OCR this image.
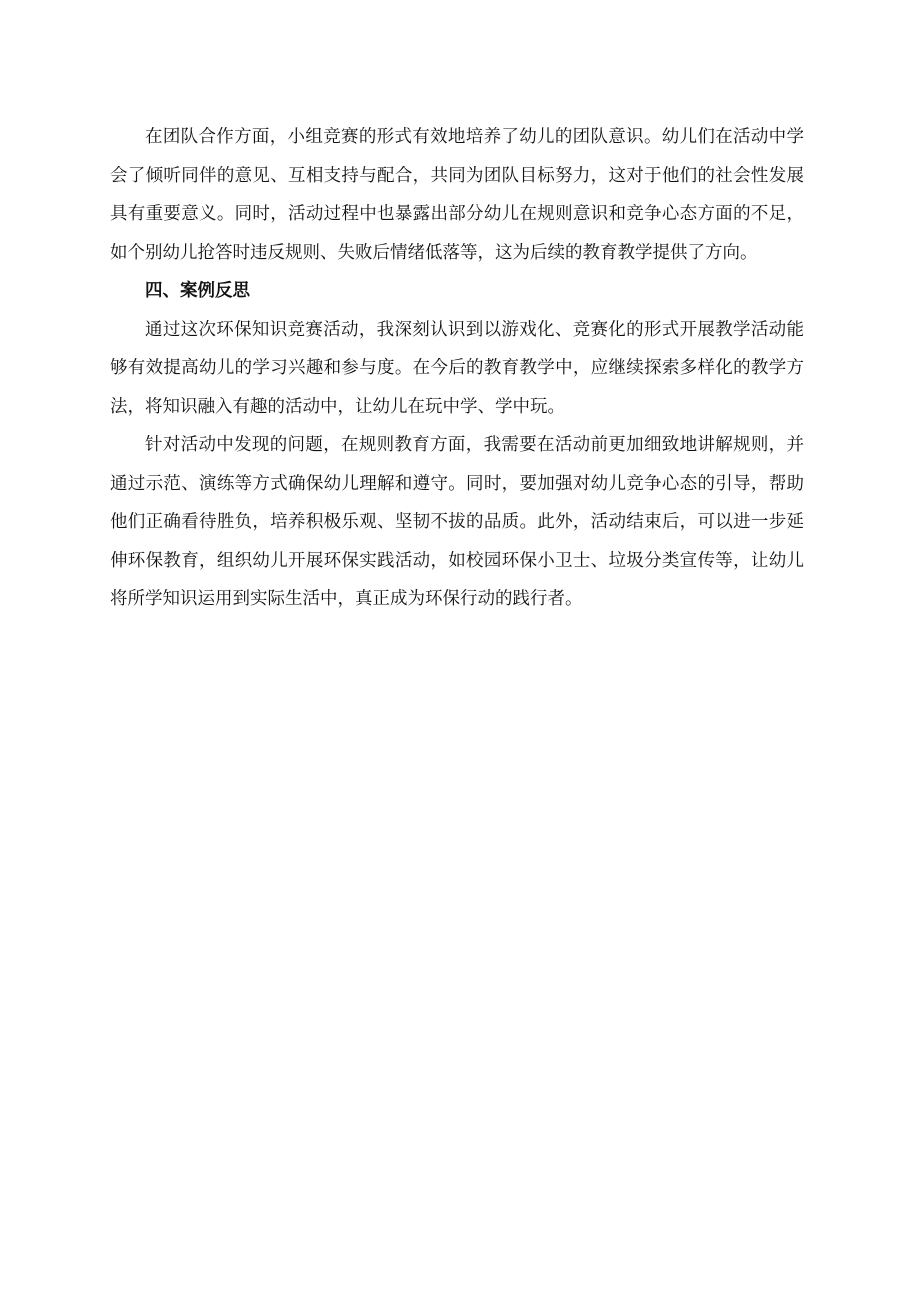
在团队合作方面，小组竞赛的形式有效地培养了幼儿的团队意识。幼儿们在活动中学会了倾听同伴的意见、互相支持与配合，共同为团队目标努力，这对于他们的社会性发展具有重要意义。同时，活动过程中也暴露出部分幼儿在规则意识和竞争心态方面的不足，如个别幼儿抢答时违反规则、失败后情绪低落等，这为后续的教育教学提供了方向。

四、案例反思

通过这次环保知识竞赛活动，我深刻认识到以游戏化、竞赛化的形式开展教学活动能够有效提高幼儿的学习兴趣和参与度。在今后的教育教学中，应继续探索多样化的教学方法，将知识融入有趣的活动中，让幼儿在玩中学、学中玩。

针对活动中发现的问题，在规则教育方面，我需要在活动前更加细致地讲解规则，并通过示范、演练等方式确保幼儿理解和遵守。同时，要加强对幼儿竞争心态的引导，帮助他们正确看待胜负，培养积极乐观、坚韧不拔的品质。此外，活动结束后，可以进一步延伸环保教育，组织幼儿开展环保实践活动，如校园环保小卫士、垃圾分类宣传等，让幼儿将所学知识运用到实际生活中，真正成为环保行动的践行者。
